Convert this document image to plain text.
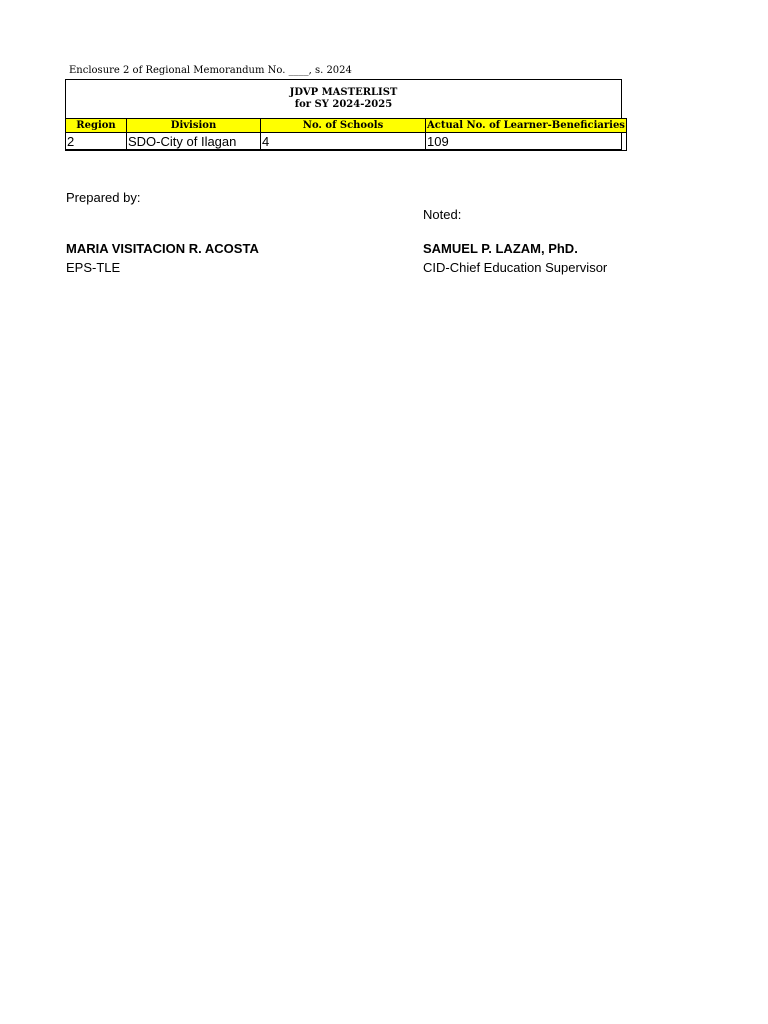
Enclosure 2 of Regional Memorandum No. ____, s. 2024
JDVP MASTERLIST
for SY 2024-2025
Region	Division	No. of Schools	Actual No. of Learner-Beneficiaries
2	SDO-City of Ilagan	4	109
Prepared by:
Noted:
MARIA VISITACION R. ACOSTA	SAMUEL P. LAZAM, PhD.
EPS-TLE	CID-Chief Education Supervisor
